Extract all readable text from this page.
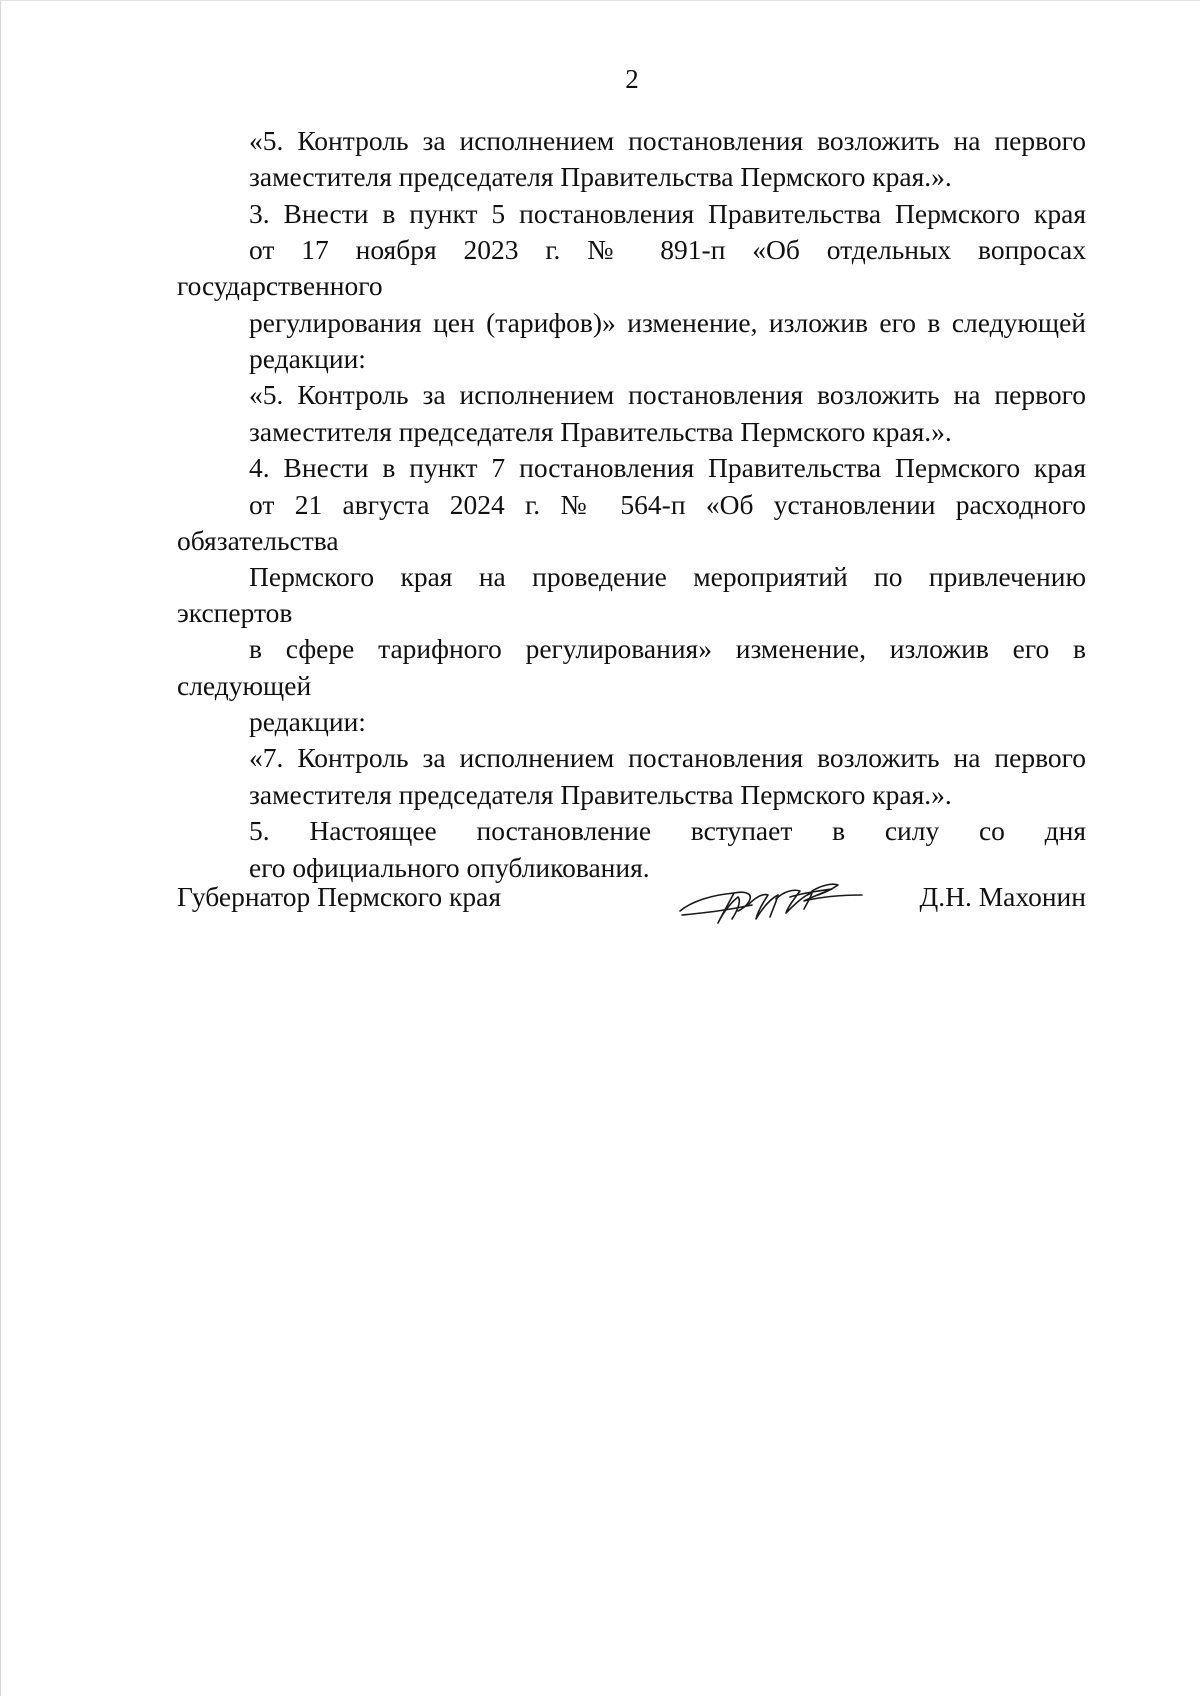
2
«5. Контроль за исполнением постановления возложить на первого
заместителя председателя Правительства Пермского края.».
3. Внести в пункт 5 постановления Правительства Пермского края
от 17 ноября 2023 г. № 891-п «Об отдельных вопросах государственного
регулирования цен (тарифов)» изменение, изложив его в следующей
редакции:
«5. Контроль за исполнением постановления возложить на первого
заместителя председателя Правительства Пермского края.».
4. Внести в пункт 7 постановления Правительства Пермского края
от 21 августа 2024 г. № 564-п «Об установлении расходного обязательства
Пермского края на проведение мероприятий по привлечению экспертов
в сфере тарифного регулирования» изменение, изложив его в следующей
редакции:
«7. Контроль за исполнением постановления возложить на первого
заместителя председателя Правительства Пермского края.».
5. Настоящее постановление вступает в силу со дня
его официального опубликования.
Губернатор Пермского края	Д.Н. Махонин
